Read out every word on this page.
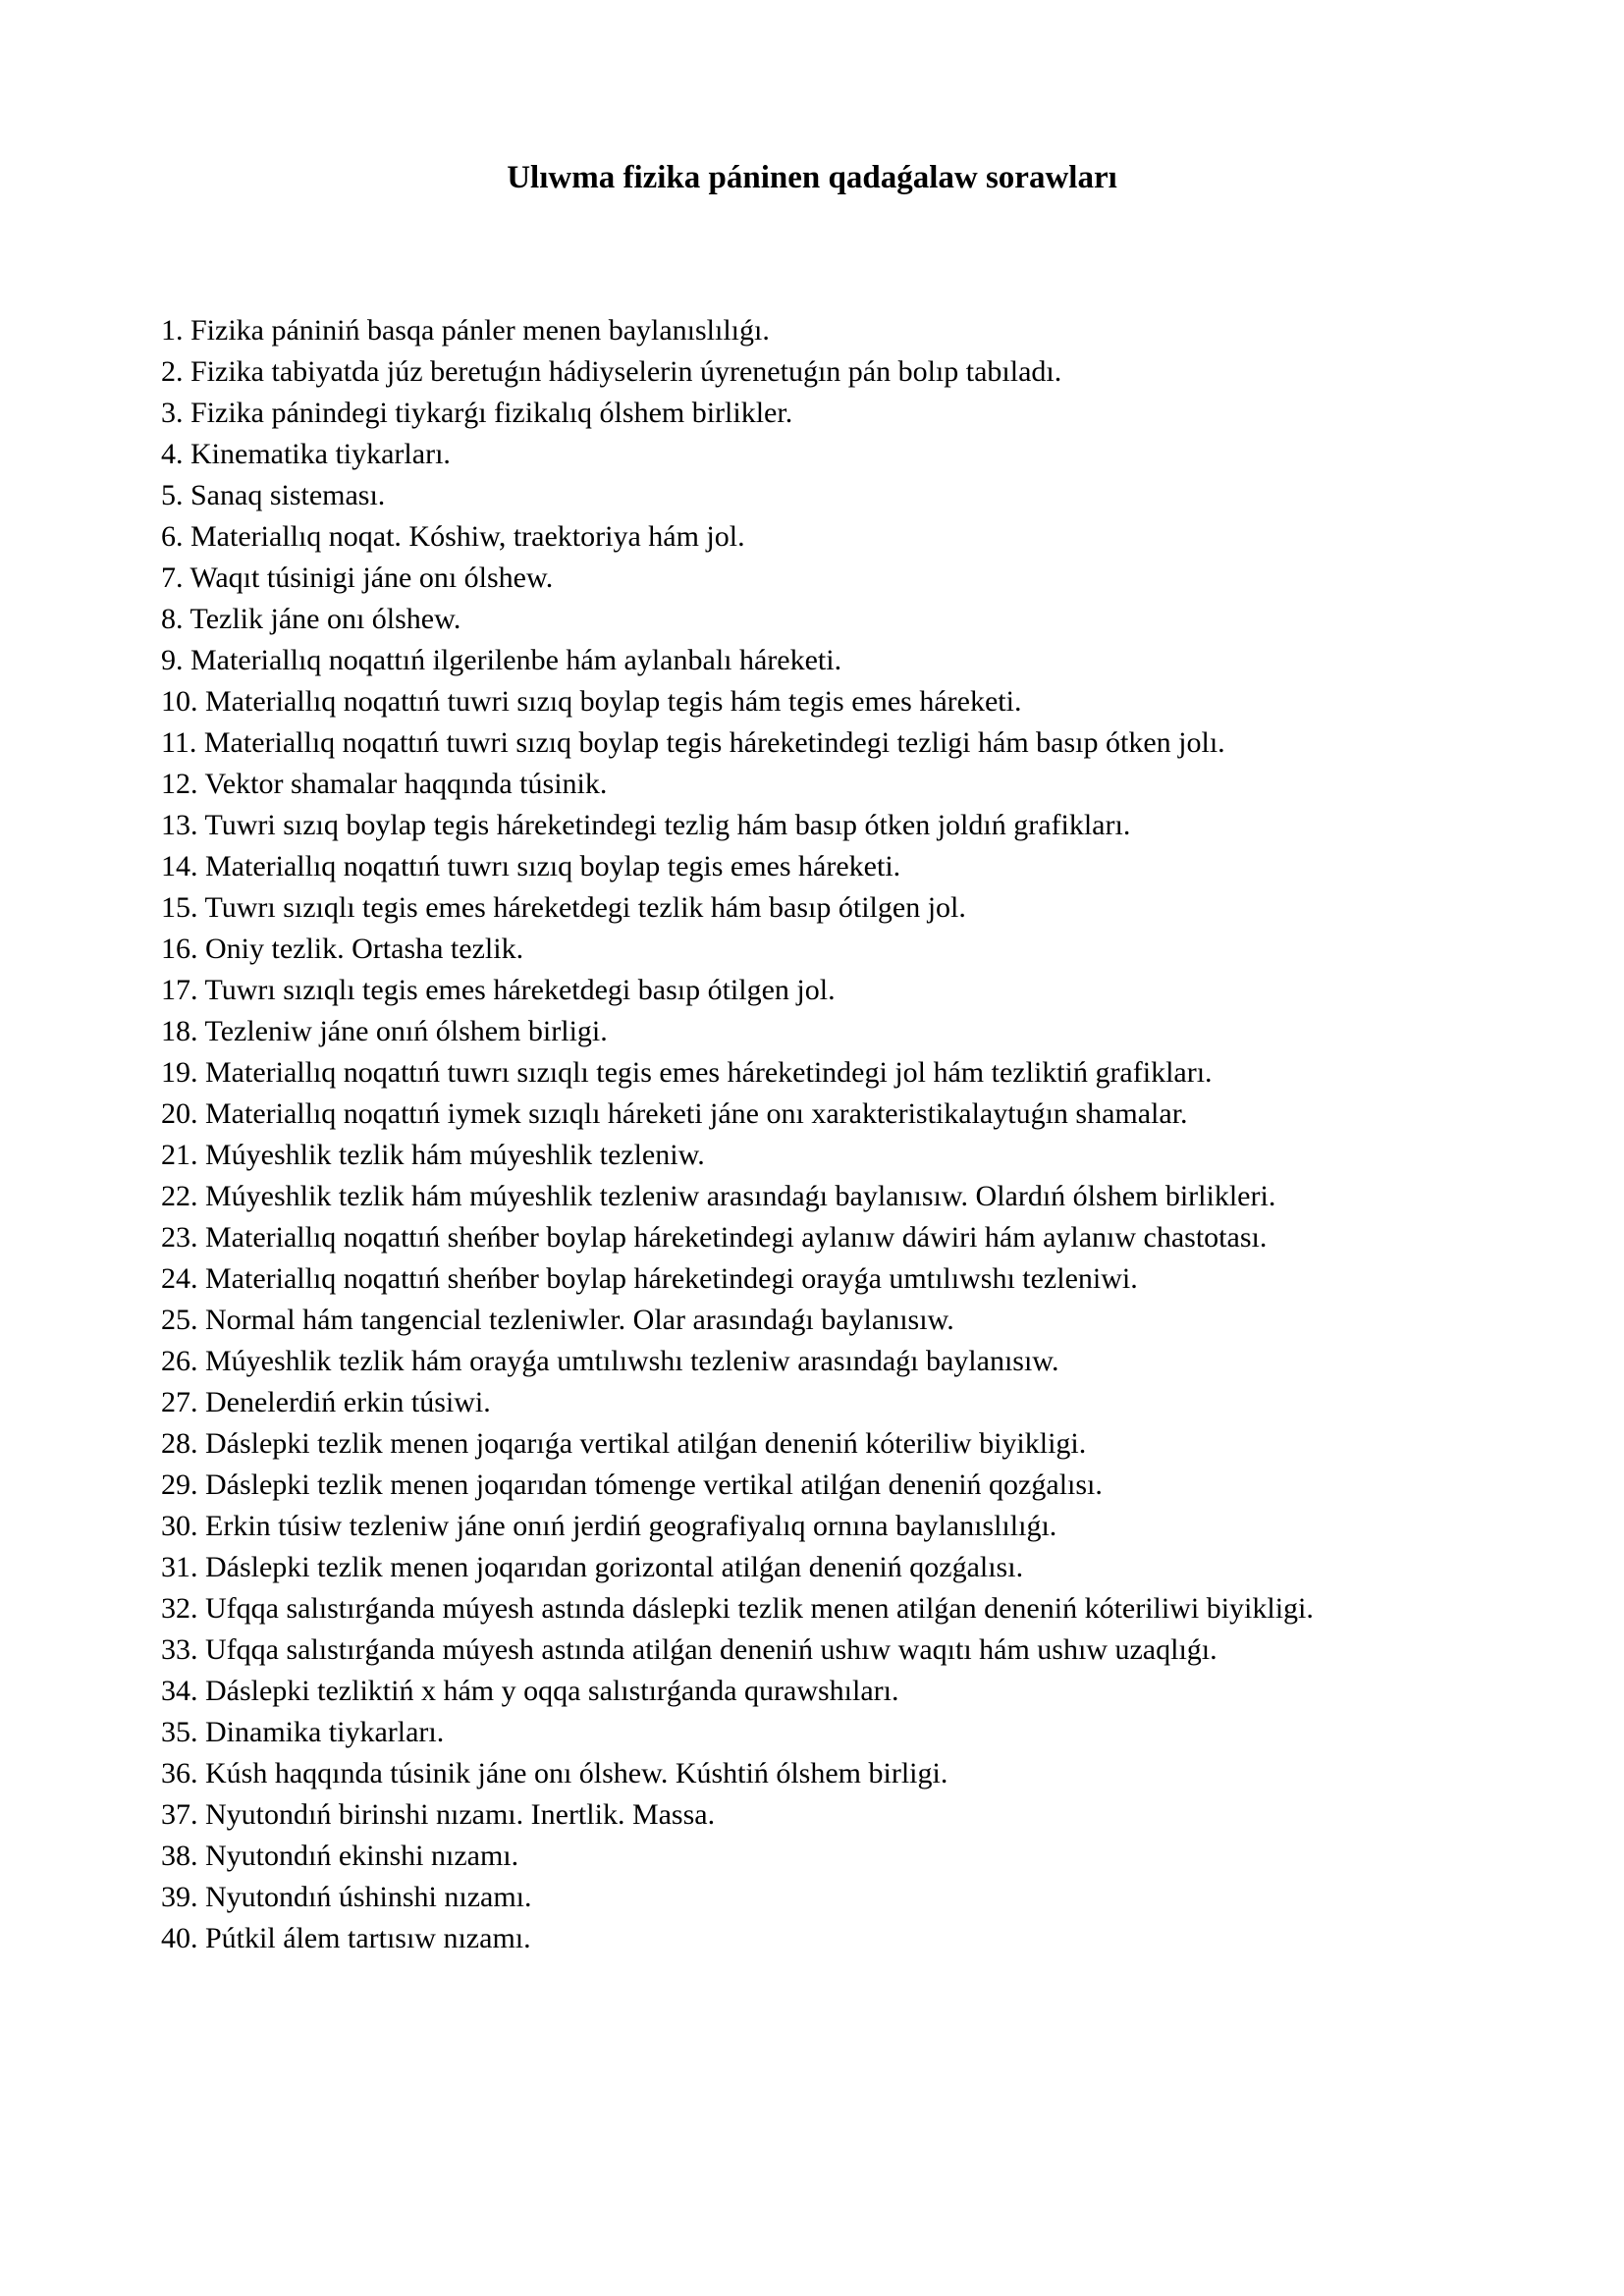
Ulıwma fizika páninen qadaǵalaw sorawları
1. Fizika pániniń basqa pánler menen baylanıslılıǵı.
2. Fizika tabiyatda júz beretuǵın hádiyselerin úyrenetuǵın pán bolıp tabıladı.
3. Fizika pánindegi tiykarǵı fizikalıq ólshem birlikler.
4. Kinematika tiykarları.
5. Sanaq sisteması.
6. Materiallıq noqat. Kóshiw, traektoriya hám jol.
7. Waqıt túsinigi jáne onı ólshew.
8. Tezlik jáne onı ólshew.
9. Materiallıq noqattıń ilgerilenbe hám aylanbalı háreketi.
10. Materiallıq noqattıń tuwri sızıq boylap tegis hám tegis emes háreketi.
11. Materiallıq noqattıń tuwri sızıq boylap tegis háreketindegi tezligi hám basıp ótken jolı.
12. Vektor shamalar haqqında túsinik.
13. Tuwri sızıq boylap tegis háreketindegi tezlig hám basıp ótken joldıń grafikları.
14. Materiallıq noqattıń tuwrı sızıq boylap tegis emes háreketi.
15. Tuwrı sızıqlı tegis emes háreketdegi tezlik hám basıp ótilgen jol.
16. Oniy tezlik. Ortasha tezlik.
17. Tuwrı sızıqlı tegis emes háreketdegi basıp ótilgen jol.
18. Tezleniw jáne onıń ólshem birligi.
19. Materiallıq noqattıń tuwrı sızıqlı tegis emes háreketindegi jol hám tezliktiń grafikları.
20. Materiallıq noqattıń iymek sızıqlı háreketi jáne onı xarakteristikalaytuǵın shamalar.
21. Múyeshlik tezlik hám múyeshlik tezleniw.
22. Múyeshlik tezlik hám múyeshlik tezleniw arasındaǵı baylanısıw. Olardıń ólshem birlikleri.
23. Materiallıq noqattıń sheńber boylap háreketindegi aylanıw dáwiri hám aylanıw chastotası.
24. Materiallıq noqattıń sheńber boylap háreketindegi orayǵa umtılıwshı tezleniwi.
25. Normal hám tangencial tezleniwler. Olar arasındaǵı baylanısıw.
26. Múyeshlik tezlik hám orayǵa umtılıwshı tezleniw arasındaǵı baylanısıw.
27. Denelerdiń erkin túsiwi.
28. Dáslepki tezlik menen joqarıǵa vertikal atilǵan deneniń kóteriliw biyikligi.
29. Dáslepki tezlik menen joqarıdan tómenge vertikal atilǵan deneniń qozǵalısı.
30. Erkin túsiw tezleniw jáne onıń jerdiń geografiyalıq ornına baylanıslılıǵı.
31. Dáslepki tezlik menen joqarıdan gorizontal atilǵan deneniń qozǵalısı.
32. Ufqqa salıstırǵanda múyesh astında dáslepki tezlik menen atilǵan deneniń kóteriliwi biyikligi.
33. Ufqqa salıstırǵanda múyesh astında atilǵan deneniń ushıw waqıtı hám ushıw uzaqlıǵı.
34. Dáslepki tezliktiń x hám y oqqa salıstırǵanda qurawshıları.
35. Dinamika tiykarları.
36. Kúsh haqqında túsinik jáne onı ólshew. Kúshtiń ólshem birligi.
37. Nyutondıń birinshi nızamı. Inertlik. Massa.
38. Nyutondıń ekinshi nızamı.
39. Nyutondıń úshinshi nızamı.
40. Pútkil álem tartısıw nızamı.
